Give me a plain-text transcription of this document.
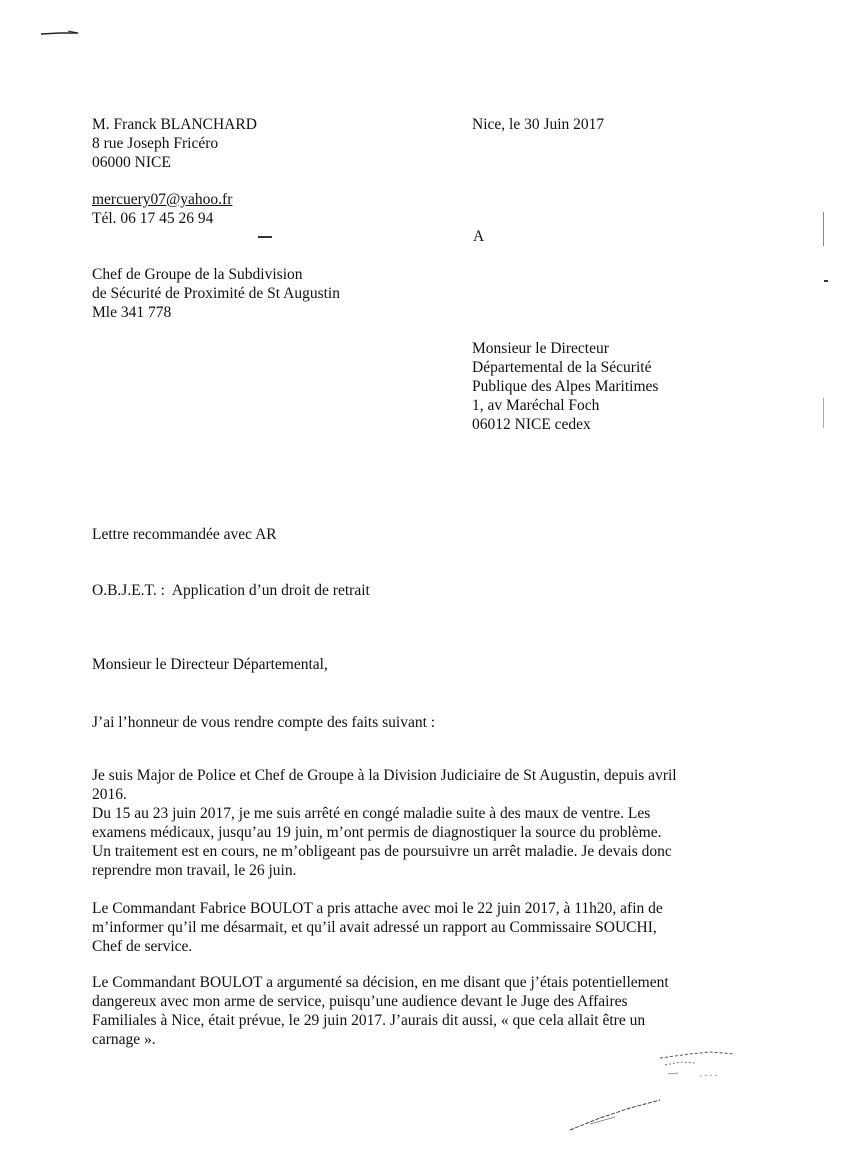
M. Franck BLANCHARD
8 rue Joseph Fricéro
06000 NICE
mercuery07@yahoo.fr
Tél. 06 17 45 26 94
Nice, le 30 Juin 2017
A
Chef de Groupe de la Subdivision
de Sécurité de Proximité de St Augustin
Mle 341 778
Monsieur le Directeur
Départemental de la Sécurité
Publique des Alpes Maritimes
1, av Maréchal Foch
06012 NICE cedex
Lettre recommandée avec AR
O.B.J.E.T. : Application d’un droit de retrait
Monsieur le Directeur Départemental,
J’ai l’honneur de vous rendre compte des faits suivant :
Je suis Major de Police et Chef de Groupe à la Division Judiciaire de St Augustin, depuis avril
2016.
Du 15 au 23 juin 2017, je me suis arrêté en congé maladie suite à des maux de ventre. Les
examens médicaux, jusqu’au 19 juin, m’ont permis de diagnostiquer la source du problème.
Un traitement est en cours, ne m’obligeant pas de poursuivre un arrêt maladie. Je devais donc
reprendre mon travail, le 26 juin.
Le Commandant Fabrice BOULOT a pris attache avec moi le 22 juin 2017, à 11h20, afin de
m’informer qu’il me désarmait, et qu’il avait adressé un rapport au Commissaire SOUCHI,
Chef de service.
Le Commandant BOULOT a argumenté sa décision, en me disant que j’étais potentiellement
dangereux avec mon arme de service, puisqu’une audience devant le Juge des Affaires
Familiales à Nice, était prévue, le 29 juin 2017. J’aurais dit aussi, « que cela allait être un
carnage ».
